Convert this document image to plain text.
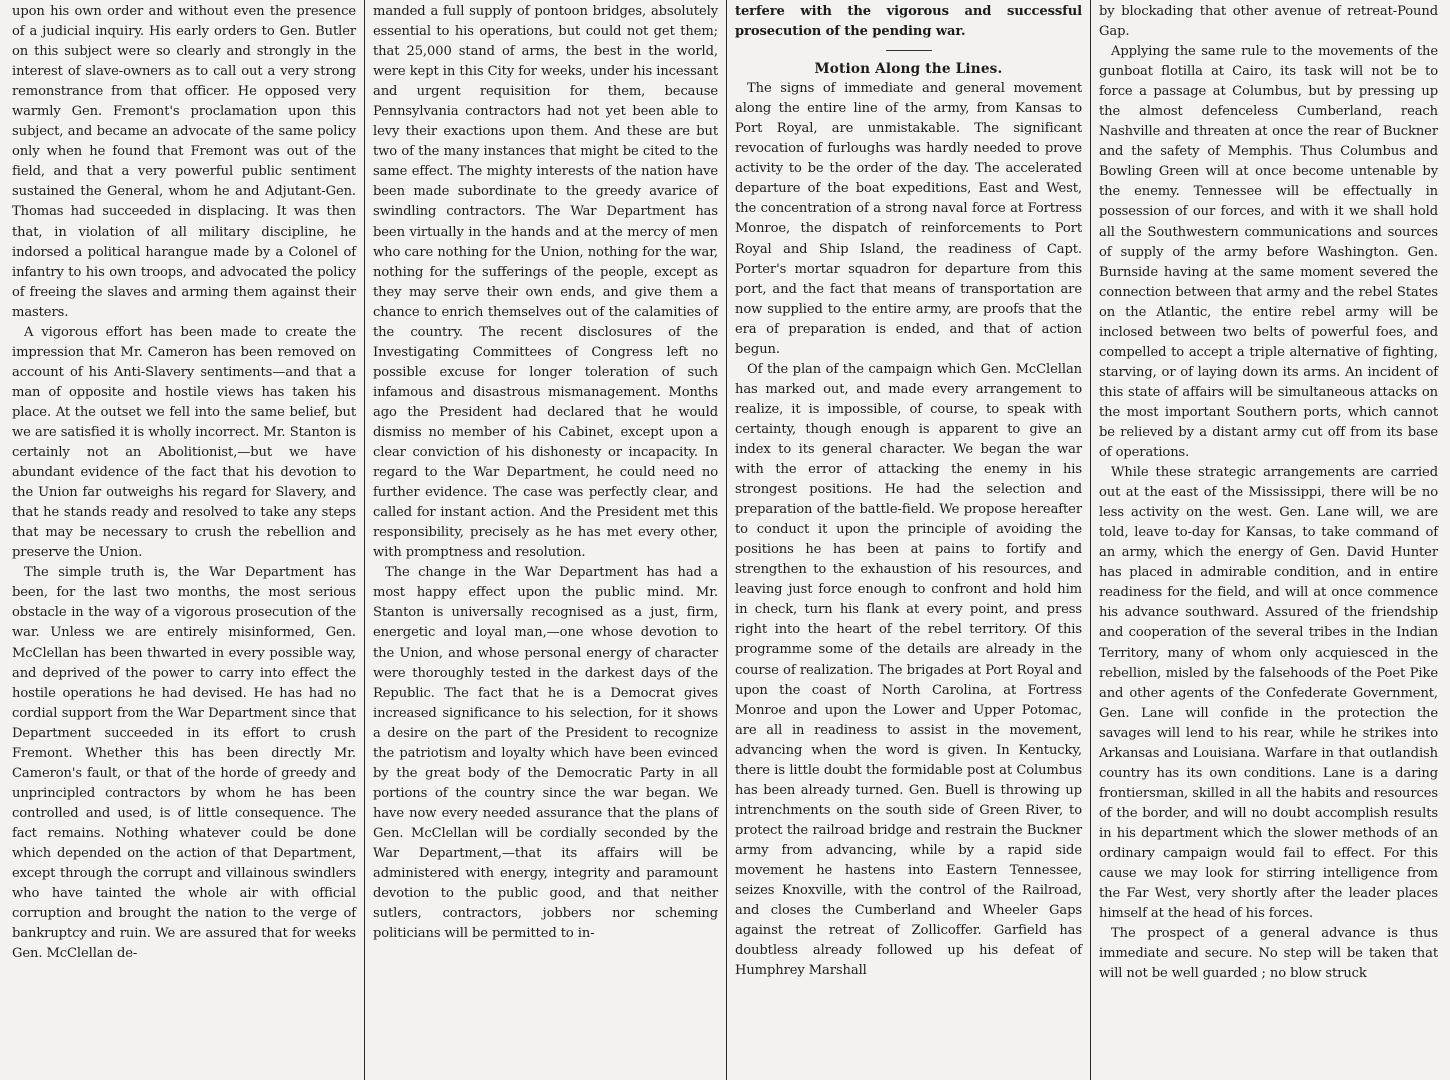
upon his own order and without even the presence of a judicial inquiry. His early orders to Gen. Butler on this subject were so clearly and strongly in the interest of slave-owners as to call out a very strong remonstrance from that officer. He opposed very warmly Gen. Fremont's proclamation upon this subject, and became an advocate of the same policy only when he found that Fremont was out of the field, and that a very powerful public sentiment sustained the General, whom he and Adjutant-Gen. Thomas had succeeded in displacing. It was then that, in violation of all military discipline, he indorsed a political harangue made by a Colonel of infantry to his own troops, and advocated the policy of freeing the slaves and arming them against their masters.

A vigorous effort has been made to create the impression that Mr. Cameron has been removed on account of his Anti-Slavery sentiments—and that a man of opposite and hostile views has taken his place. At the outset we fell into the same belief, but we are satisfied it is wholly incorrect. Mr. Stanton is certainly not an Abolitionist,—but we have abundant evidence of the fact that his devotion to the Union far outweighs his regard for Slavery, and that he stands ready and resolved to take any steps that may be necessary to crush the rebellion and preserve the Union.

The simple truth is, the War Department has been, for the last two months, the most serious obstacle in the way of a vigorous prosecution of the war. Unless we are entirely misinformed, Gen. McClellan has been thwarted in every possible way, and deprived of the power to carry into effect the hostile operations he had devised. He has had no cordial support from the War Department since that Department succeeded in its effort to crush Fremont. Whether this has been directly Mr. Cameron's fault, or that of the horde of greedy and unprincipled contractors by whom he has been controlled and used, is of little consequence. The fact remains. Nothing whatever could be done which depended on the action of that Department, except through the corrupt and villainous swindlers who have tainted the whole air with official corruption and brought the nation to the verge of bankruptcy and ruin. We are assured that for weeks Gen. McClellan de-

manded a full supply of pontoon bridges, absolutely essential to his operations, but could not get them; that 25,000 stand of arms, the best in the world, were kept in this City for weeks, under his incessant and urgent requisition for them, because Pennsylvania contractors had not yet been able to levy their exactions upon them. And these are but two of the many instances that might be cited to the same effect. The mighty interests of the nation have been made subordinate to the greedy avarice of swindling contractors. The War Department has been virtually in the hands and at the mercy of men who care nothing for the Union, nothing for the war, nothing for the sufferings of the people, except as they may serve their own ends, and give them a chance to enrich themselves out of the calamities of the country. The recent disclosures of the Investigating Committees of Congress left no possible excuse for longer toleration of such infamous and disastrous mismanagement. Months ago the President had declared that he would dismiss no member of his Cabinet, except upon a clear conviction of his dishonesty or incapacity. In regard to the War Department, he could need no further evidence. The case was perfectly clear, and called for instant action. And the President met this responsibility, precisely as he has met every other, with promptness and resolution.

The change in the War Department has had a most happy effect upon the public mind. Mr. Stanton is universally recognised as a just, firm, energetic and loyal man,—one whose devotion to the Union, and whose personal energy of character were thoroughly tested in the darkest days of the Republic. The fact that he is a Democrat gives increased significance to his selection, for it shows a desire on the part of the President to recognize the patriotism and loyalty which have been evinced by the great body of the Democratic Party in all portions of the country since the war began. We have now every needed assurance that the plans of Gen. McClellan will be cordially seconded by the War Department,—that its affairs will be administered with energy, integrity and paramount devotion to the public good, and that neither sutlers, contractors, jobbers nor scheming politicians will be permitted to in-

terfere with the vigorous and successful prosecution of the pending war.

Motion Along the Lines.

The signs of immediate and general movement along the entire line of the army, from Kansas to Port Royal, are unmistakable. The significant revocation of furloughs was hardly needed to prove activity to be the order of the day. The accelerated departure of the boat expeditions, East and West, the concentration of a strong naval force at Fortress Monroe, the dispatch of reinforcements to Port Royal and Ship Island, the readiness of Capt. Porter's mortar squadron for departure from this port, and the fact that means of transportation are now supplied to the entire army, are proofs that the era of preparation is ended, and that of action begun.

Of the plan of the campaign which Gen. McClellan has marked out, and made every arrangement to realize, it is impossible, of course, to speak with certainty, though enough is apparent to give an index to its general character. We began the war with the error of attacking the enemy in his strongest positions. He had the selection and preparation of the battle-field. We propose hereafter to conduct it upon the principle of avoiding the positions he has been at pains to fortify and strengthen to the exhaustion of his resources, and leaving just force enough to confront and hold him in check, turn his flank at every point, and press right into the heart of the rebel territory. Of this programme some of the details are already in the course of realization. The brigades at Port Royal and upon the coast of North Carolina, at Fortress Monroe and upon the Lower and Upper Potomac, are all in readiness to assist in the movement, advancing when the word is given. In Kentucky, there is little doubt the formidable post at Columbus has been already turned. Gen. Buell is throwing up intrenchments on the south side of Green River, to protect the railroad bridge and restrain the Buckner army from advancing, while by a rapid side movement he hastens into Eastern Tennessee, seizes Knoxville, with the control of the Railroad, and closes the Cumberland and Wheeler Gaps against the retreat of Zollicoffer. Garfield has doubtless already followed up his defeat of Humphrey Marshall

by blockading that other avenue of retreat-Pound Gap.

Applying the same rule to the movements of the gunboat flotilla at Cairo, its task will not be to force a passage at Columbus, but by pressing up the almost defenceless Cumberland, reach Nashville and threaten at once the rear of Buckner and the safety of Memphis. Thus Columbus and Bowling Green will at once become untenable by the enemy. Tennessee will be effectually in possession of our forces, and with it we shall hold all the Southwestern communications and sources of supply of the army before Washington. Gen. Burnside having at the same moment severed the connection between that army and the rebel States on the Atlantic, the entire rebel army will be inclosed between two belts of powerful foes, and compelled to accept a triple alternative of fighting, starving, or of laying down its arms. An incident of this state of affairs will be simultaneous attacks on the most important Southern ports, which cannot be relieved by a distant army cut off from its base of operations.

While these strategic arrangements are carried out at the east of the Mississippi, there will be no less activity on the west. Gen. Lane will, we are told, leave to-day for Kansas, to take command of an army, which the energy of Gen. David Hunter has placed in admirable condition, and in entire readiness for the field, and will at once commence his advance southward. Assured of the friendship and cooperation of the several tribes in the Indian Territory, many of whom only acquiesced in the rebellion, misled by the falsehoods of the Poet Pike and other agents of the Confederate Government, Gen. Lane will confide in the protection the savages will lend to his rear, while he strikes into Arkansas and Louisiana. Warfare in that outlandish country has its own conditions. Lane is a daring frontiersman, skilled in all the habits and resources of the border, and will no doubt accomplish results in his department which the slower methods of an ordinary campaign would fail to effect. For this cause we may look for stirring intelligence from the Far West, very shortly after the leader places himself at the head of his forces.

The prospect of a general advance is thus immediate and secure. No step will be taken that will not be well guarded ; no blow struck
